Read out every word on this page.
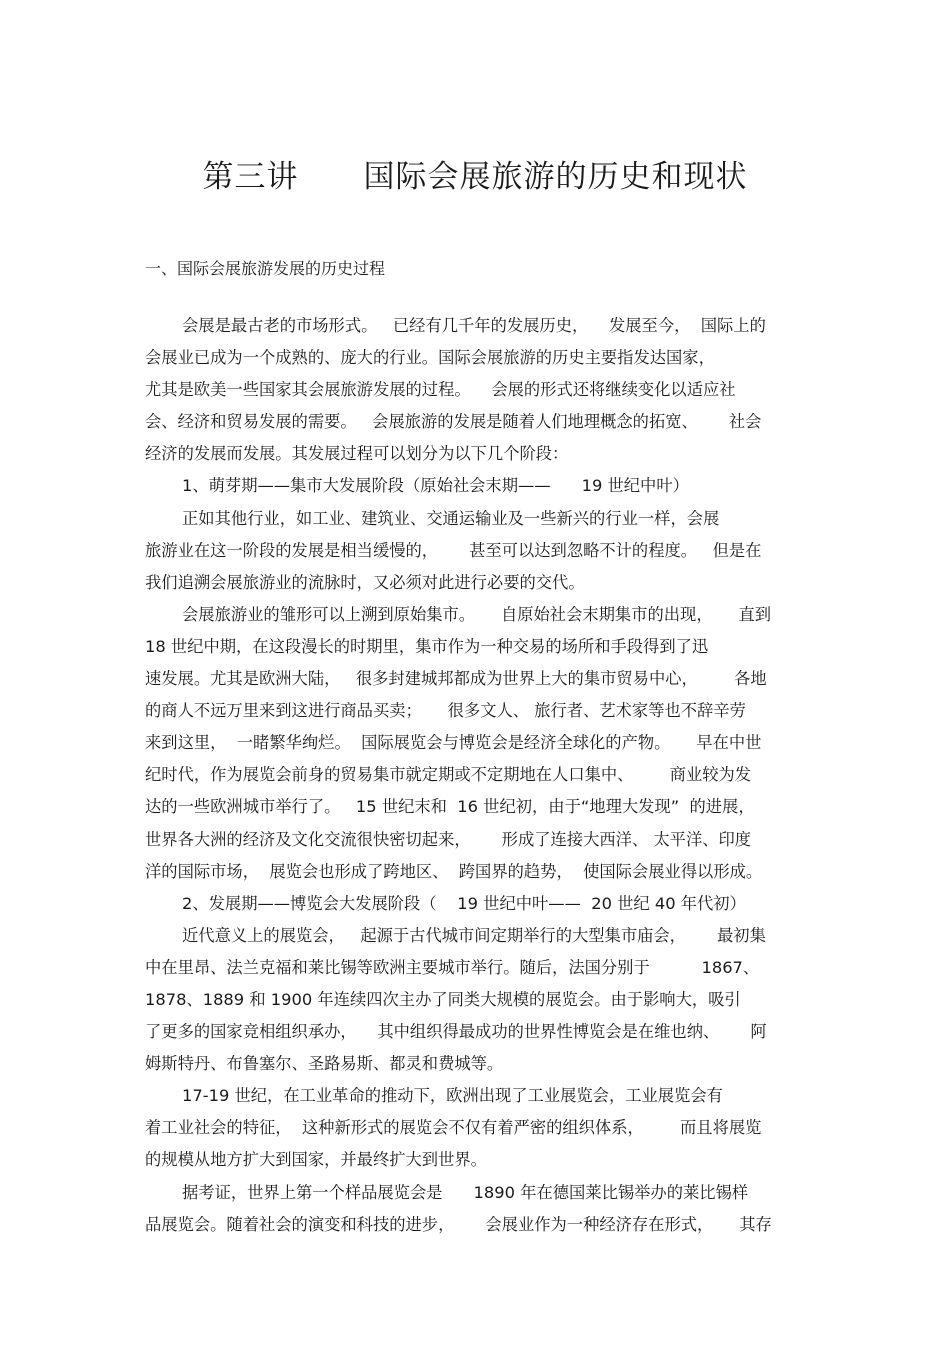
第三讲      国际会展旅游的历史和现状
一、国际会展旅游发展的历史过程
会展是最古老的市场形式。   已经有几千年的发展历史，    发展至今，  国际上的
会展业已成为一个成熟的、庞大的行业。国际会展旅游的历史主要指发达国家，
尤其是欧美一些国家其会展旅游发展的过程。    会展的形式还将继续变化以适应社
会、经济和贸易发展的需要。   会展旅游的发展是随着人们地理概念的拓宽、      社会
经济的发展而发展。其发展过程可以划分为以下几个阶段：
1、萌芽期——集市大发展阶段（原始社会末期——      19 世纪中叶）
正如其他行业，如工业、建筑业、交通运输业及一些新兴的行业一样，会展
旅游业在这一阶段的发展是相当缓慢的，      甚至可以达到忽略不计的程度。   但是在
我们追溯会展旅游业的流脉时，又必须对此进行必要的交代。
会展旅游业的雏形可以上溯到原始集市。     自原始社会末期集市的出现，     直到
18 世纪中期，在这段漫长的时期里，集市作为一种交易的场所和手段得到了迅
速发展。尤其是欧洲大陆，   很多封建城邦都成为世界上大的集市贸易中心，       各地
的商人不远万里来到这进行商品买卖；     很多文人、 旅行者、艺术家等也不辞辛劳
来到这里，  一睹繁华绚烂。  国际展览会与博览会是经济全球化的产物。     早在中世
纪时代，作为展览会前身的贸易集市就定期或不定期地在人口集中、       商业较为发
达的一些欧洲城市举行了。   15 世纪末和  16 世纪初，由于“地理大发现”  的进展，
世界各大洲的经济及文化交流很快密切起来，      形成了连接大西洋、 太平洋、印度
洋的国际市场，  展览会也形成了跨地区、  跨国界的趋势，  使国际会展业得以形成。
2、发展期——博览会大发展阶段（    19 世纪中叶——  20 世纪 40 年代初）
近代意义上的展览会，   起源于古代城市间定期举行的大型集市庙会，      最初集
中在里昂、法兰克福和莱比锡等欧洲主要城市举行。随后，法国分别于          1867、
1878、1889 和 1900 年连续四次主办了同类大规模的展览会。由于影响大，吸引
了更多的国家竞相组织承办，    其中组织得最成功的世界性博览会是在维也纳、      阿
姆斯特丹、布鲁塞尔、圣路易斯、都灵和费城等。
17-19 世纪，在工业革命的推动下，欧洲出现了工业展览会，工业展览会有
着工业社会的特征，  这种新形式的展览会不仅有着严密的组织体系，       而且将展览
的规模从地方扩大到国家，并最终扩大到世界。
据考证，世界上第一个样品展览会是      1890 年在德国莱比锡举办的莱比锡样
品展览会。随着社会的演变和科技的进步，      会展业作为一种经济存在形式，     其存
